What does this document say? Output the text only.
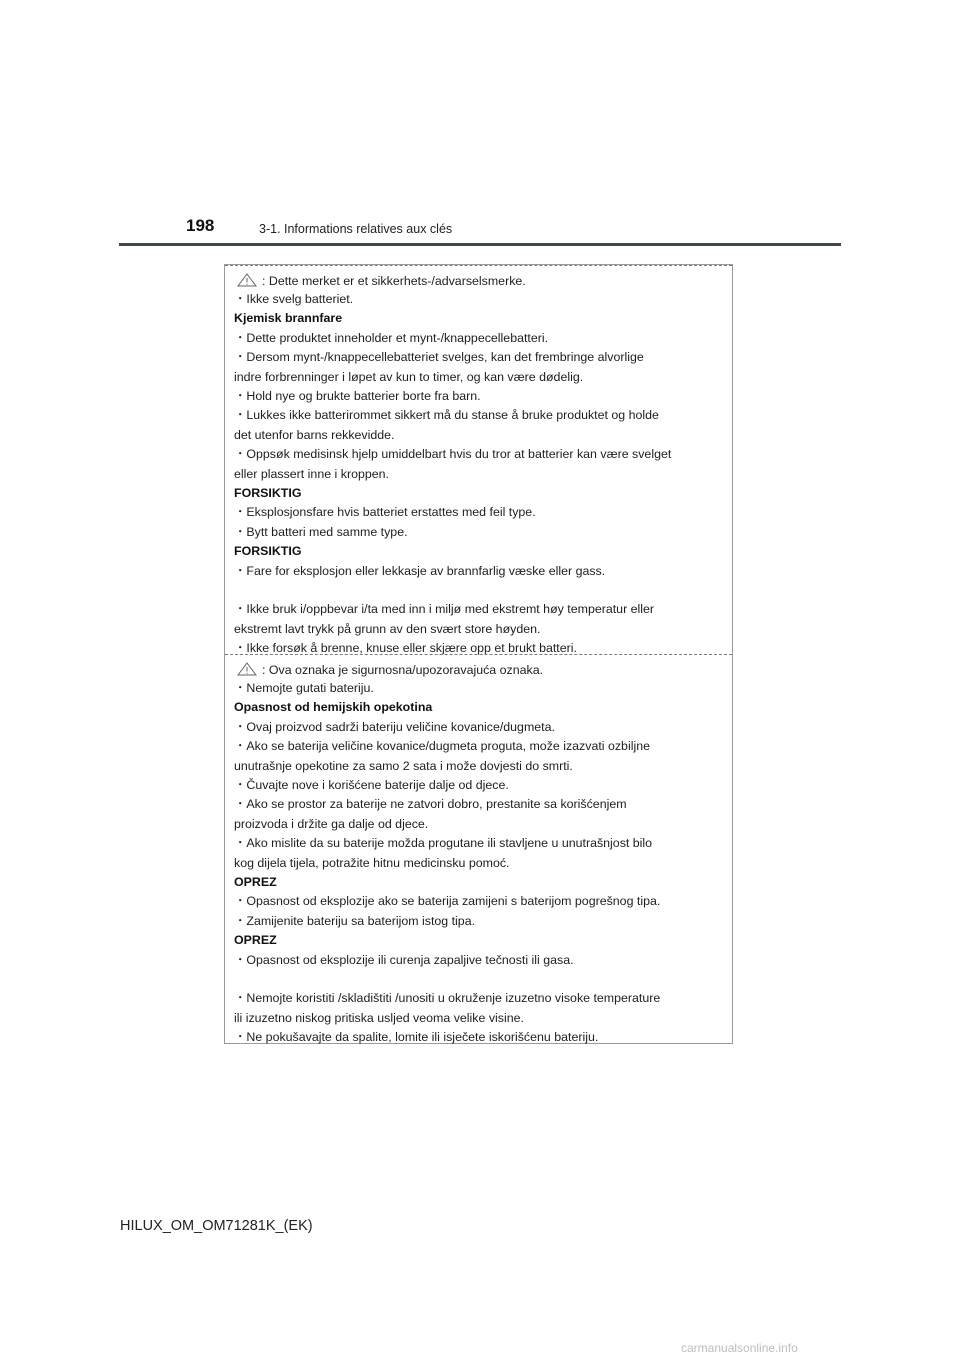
198	3-1. Informations relatives aux clés
: Dette merket er et sikkerhets-/advarselsmerke.
・Ikke svelg batteriet.
Kjemisk brannfare
・Dette produktet inneholder et mynt-/knappecellebatteri.
・Dersom mynt-/knappecellebatteriet svelges, kan det frembringe alvorlige
indre forbrenninger i løpet av kun to timer, og kan være dødelig.
・Hold nye og brukte batterier borte fra barn.
・Lukkes ikke batterirommet sikkert må du stanse å bruke produktet og holde
det utenfor barns rekkevidde.
・Oppsøk medisinsk hjelp umiddelbart hvis du tror at batterier kan være svelget
eller plassert inne i kroppen.
FORSIKTIG
・Eksplosjonsfare hvis batteriet erstattes med feil type.
・Bytt batteri med samme type.
FORSIKTIG
・Fare for eksplosjon eller lekkasje av brannfarlig væske eller gass.
・Ikke bruk i/oppbevar i/ta med inn i miljø med ekstremt høy temperatur eller
ekstremt lavt trykk på grunn av den svært store høyden.
・Ikke forsøk å brenne, knuse eller skjære opp et brukt batteri.
: Ova oznaka je sigurnosna/upozoravajuća oznaka.
・Nemojte gutati bateriju.
Opasnost od hemijskih opekotina
・Ovaj proizvod sadrži bateriju veličine kovanice/dugmeta.
・Ako se baterija veličine kovanice/dugmeta proguta, može izazvati ozbiljne
unutrašnje opekotine za samo 2 sata i može dovjesti do smrti.
・Čuvajte nove i korišćene baterije dalje od djece.
・Ako se prostor za baterije ne zatvori dobro, prestanite sa korišćenjem
proizvoda i držite ga dalje od djece.
・Ako mislite da su baterije možda progutane ili stavljene u unutrašnjost bilo
kog dijela tijela, potražite hitnu medicinsku pomoć.
OPREZ
・Opasnost od eksplozije ako se baterija zamijeni s baterijom pogrešnog tipa.
・Zamijenite bateriju sa baterijom istog tipa.
OPREZ
・Opasnost od eksplozije ili curenja zapaljive tečnosti ili gasa.
・Nemojte koristiti /skladištiti /unositi u okruženje izuzetno visoke temperature
ili izuzetno niskog pritiska usljed veoma velike visine.
・Ne pokušavajte da spalite, lomite ili isječete iskorišćenu bateriju.
HILUX_OM_OM71281K_(EK)
carmanualsonline.info
